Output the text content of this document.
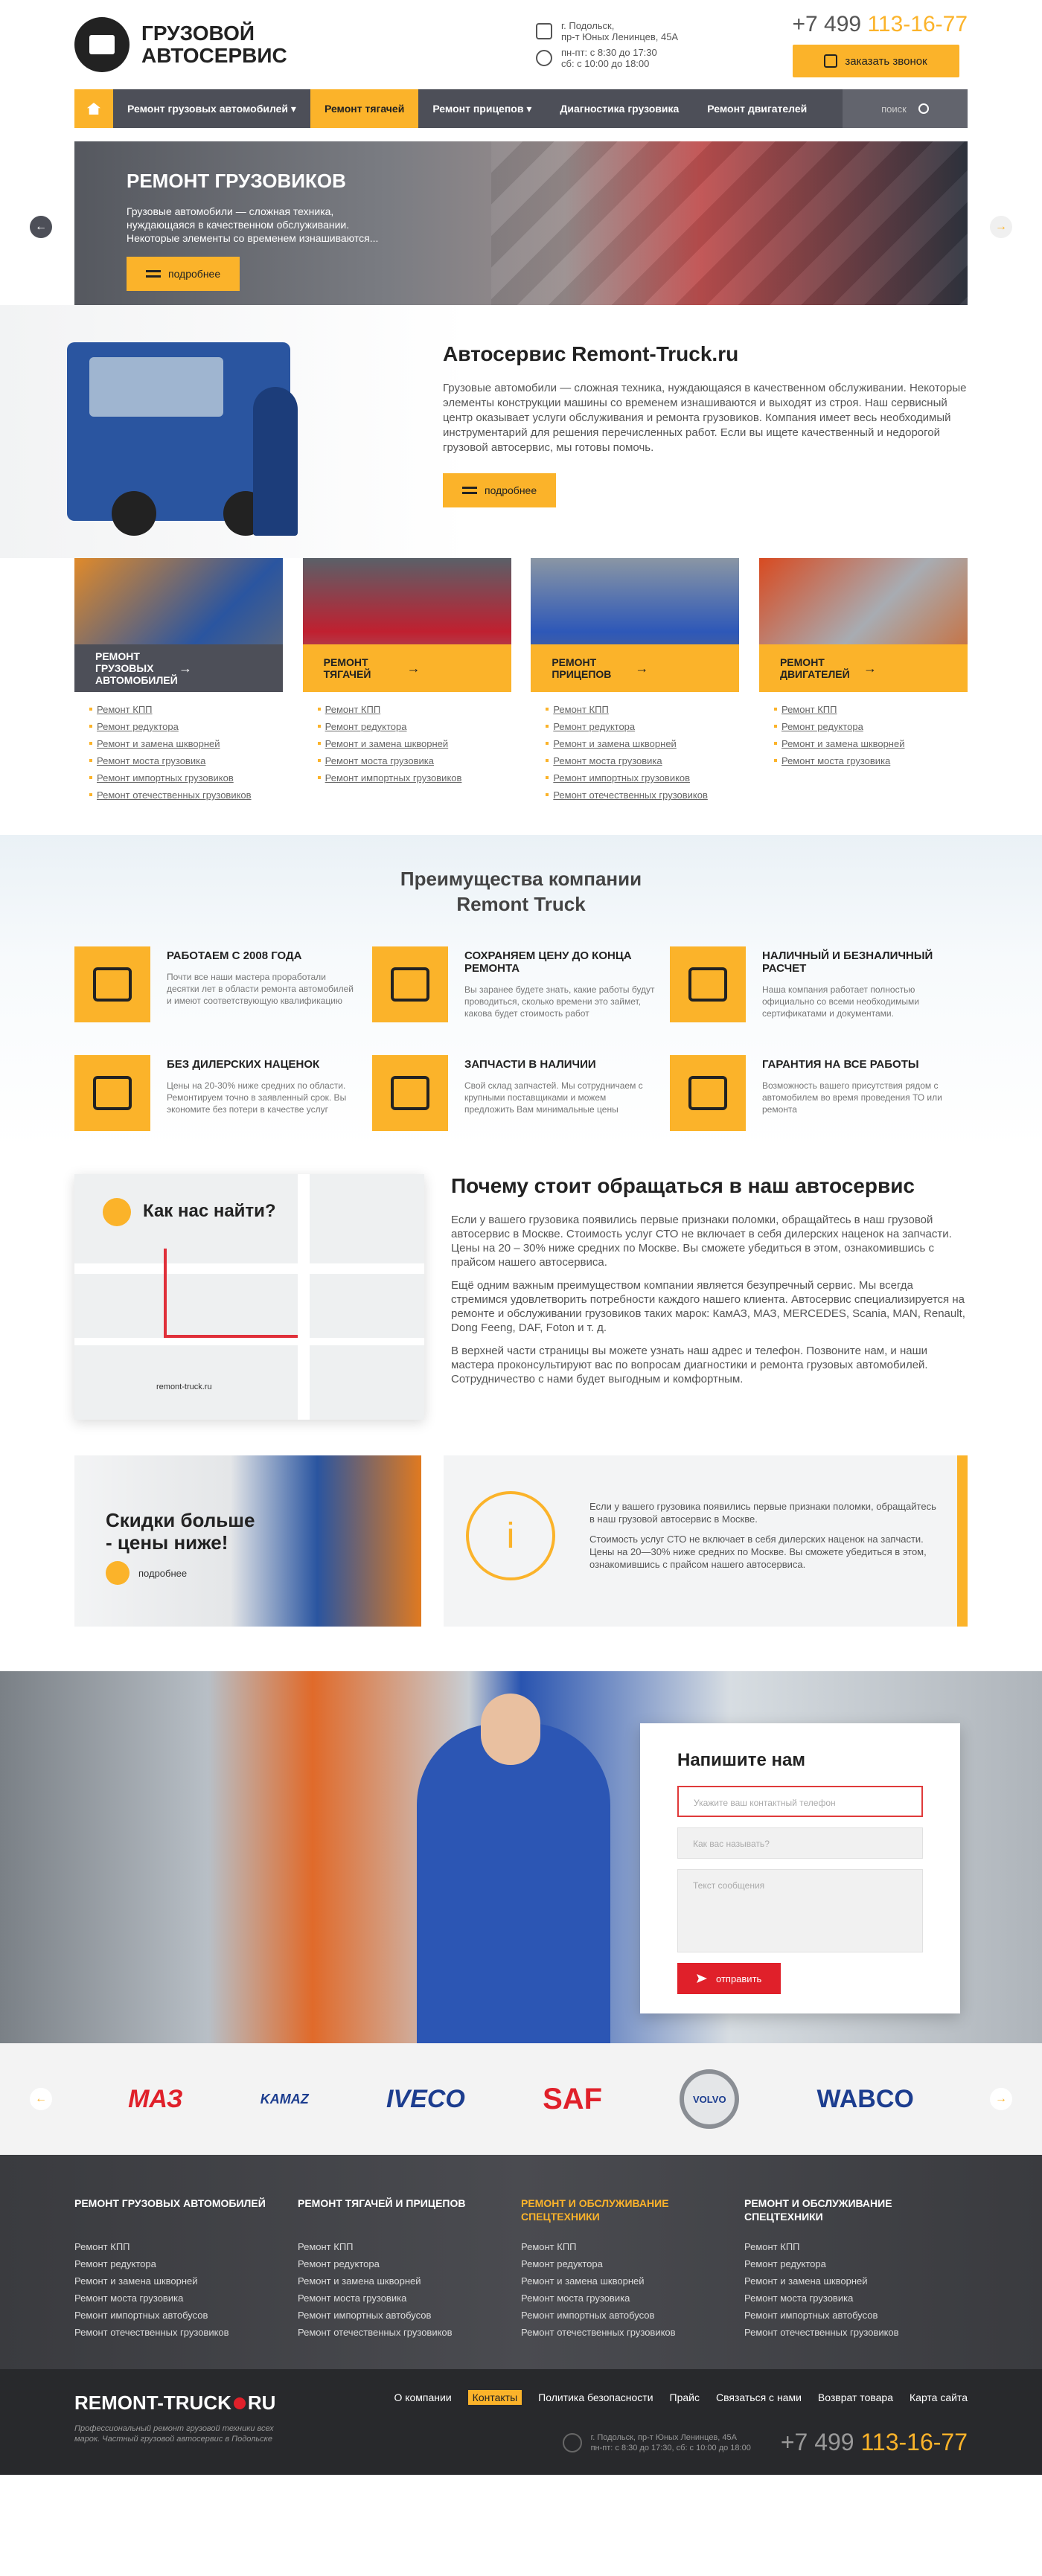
ГРУЗОВОЙ
АВТОСЕРВИС
г. Подольск,
пр-т Юных Ленинцев, 45А
пн-пт: с 8:30 до 17:30
сб: с 10:00 до 18:00
+7 499 113-16-77
заказать звонок
Ремонт грузовых автомобилей ▾	Ремонт тягачей	Ремонт прицепов ▾	Диагностика грузовика	Ремонт двигателей	поиск
←	→
РЕМОНТ ГРУЗОВИКОВ

Грузовые автомобили — сложная техника, нуждающаяся в качественном обслуживании. Некоторые элементы со временем изнашиваются...

подробнее
Автосервис Remont-Truck.ru

Грузовые автомобили — сложная техника, нуждающаяся в качественном обслуживании. Некоторые элементы конструкции машины со временем изнашиваются и выходят из строя. Наш сервисный центр оказывает услуги обслуживания и ремонта грузовиков. Компания имеет весь необходимый инструментарий для решения перечисленных работ. Если вы ищете качественный и недорогой грузовой автосервис, мы готовы помочь.

подробнее
РЕМОНТ ГРУЗОВЫХ АВТОМОБИЛЕЙ
→
Ремонт КПП
Ремонт редуктора
Ремонт и замена шкворней
Ремонт моста грузовика
Ремонт импортных грузовиков
Ремонт отечественных грузовиков
РЕМОНТ ТЯГАЧЕЙ	→
Ремонт КПП
Ремонт редуктора
Ремонт и замена шкворней
Ремонт моста грузовика
Ремонт импортных грузовиков
РЕМОНТ ПРИЦЕПОВ	→
Ремонт КПП
Ремонт редуктора
Ремонт и замена шкворней
Ремонт моста грузовика
Ремонт импортных грузовиков
Ремонт отечественных грузовиков
РЕМОНТ ДВИГАТЕЛЕЙ	→
Ремонт КПП
Ремонт редуктора
Ремонт и замена шкворней
Ремонт моста грузовика
Преимущества компании
Remont Truck
РАБОТАЕМ С 2008 ГОДА

Почти все наши мастера проработали десятки лет в области ремонта автомобилей и имеют соответствующую квалификацию

СОХРАНЯЕМ ЦЕНУ ДО КОНЦА РЕМОНТА

Вы заранее будете знать, какие работы будут проводиться, сколько времени это займет, какова будет стоимость работ

НАЛИЧНЫЙ И БЕЗНАЛИЧНЫЙ РАСЧЕТ

Наша компания работает полностью официально со всеми необходимыми сертификатами и документами.

БЕЗ ДИЛЕРСКИХ НАЦЕНОК

Цены на 20-30% ниже средних по области. Ремонтируем точно в заявленный срок. Вы экономите без потери в качестве услуг

ЗАПЧАСТИ В НАЛИЧИИ

Свой склад запчастей. Мы сотрудничаем с крупными поставщиками и можем предложить Вам минимальные цены

ГАРАНТИЯ НА ВСЕ РАБОТЫ

Возможность вашего присутствия рядом с автомобилем во время проведения ТО или ремонта

Как нас найти?
remont-truck.ru
Почему стоит обращаться в наш автосервис

Если у вашего грузовика появились первые признаки поломки, обращайтесь в наш грузовой автосервис в Москве. Стоимость услуг СТО не включает в себя дилерских наценок на запчасти. Цены на 20 – 30% ниже средних по Москве. Вы сможете убедиться в этом, ознакомившись с прайсом нашего автосервиса.

Ещё одним важным преимуществом компании является безупречный сервис. Мы всегда стремимся удовлетворить потребности каждого нашего клиента. Автосервис специализируется на ремонте и обслуживании грузовиков таких марок: КамАЗ, МАЗ, MERCEDES, Scania, MAN, Renault, Dong Feeng, DAF, Foton и т. д.

В верхней части страницы вы можете узнать наш адрес и телефон. Позвоните нам, и наши мастера проконсультируют вас по вопросам диагностики и ремонта грузовых автомобилей. Сотрудничество с нами будет выгодным и комфортным.

Скидки больше
- цены ниже!
подробнее
i

Если у вашего грузовика появились первые признаки поломки, обращайтесь в наш грузовой автосервис в Москве.

Стоимость услуг СТО не включает в себя дилерских наценок на запчасти. Цены на 20—30% ниже средних по Москве. Вы сможете убедиться в этом, ознакомившись с прайсом нашего автосервиса.

Напишите нам
Укажите ваш контактный телефон
Как вас называть?
Текст сообщения
отправить
←	МАЗ	KAMAZ	IVECO	SAF	VOLVO	WABCO	→
РЕМОНТ ГРУЗОВЫХ АВТОМОБИЛЕЙ
Ремонт КПП
Ремонт редуктора
Ремонт и замена шкворней
Ремонт моста грузовика
Ремонт импортных автобусов
Ремонт отечественных грузовиков
РЕМОНТ ТЯГАЧЕЙ И ПРИЦЕПОВ
Ремонт КПП
Ремонт редуктора
Ремонт и замена шкворней
Ремонт моста грузовика
Ремонт импортных автобусов
Ремонт отечественных грузовиков
РЕМОНТ И ОБСЛУЖИВАНИЕ СПЕЦТЕХНИКИ
Ремонт КПП
Ремонт редуктора
Ремонт и замена шкворней
Ремонт моста грузовика
Ремонт импортных автобусов
Ремонт отечественных грузовиков
РЕМОНТ И ОБСЛУЖИВАНИЕ СПЕЦТЕХНИКИ
Ремонт КПП
Ремонт редуктора
Ремонт и замена шкворней
Ремонт моста грузовика
Ремонт импортных автобусов
Ремонт отечественных грузовиков
REMONT-TRUCK RU

Профессиональный ремонт грузовой техники всех марок. Частный грузовой автосервис в Подольске

О компании	Контакты	Политика безопасности Прайс Связаться с нами Возврат товара Карта сайта
г. Подольск, пр-т Юных Ленинцев, 45А
пн-пт: с 8:30 до 17:30, сб: с 10:00 до 18:00 +7 499 113-16-77
